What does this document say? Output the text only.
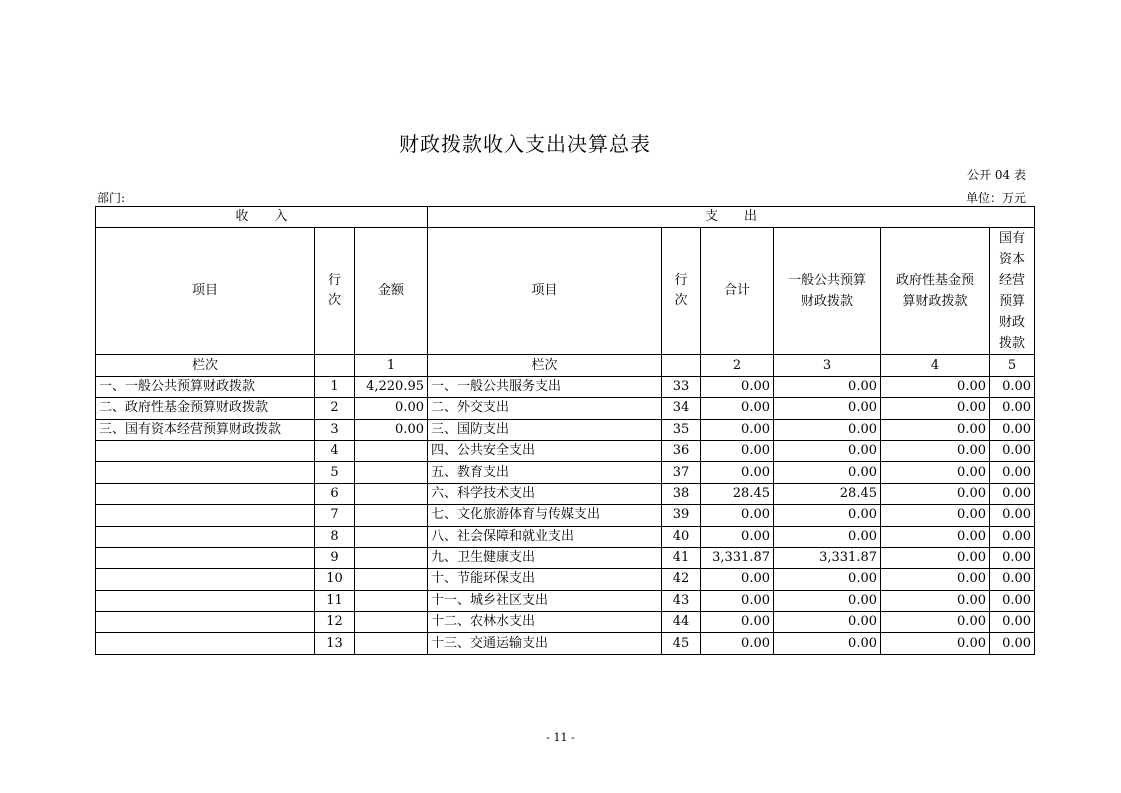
财政拨款收入支出决算总表
公开 04 表
部门:	单位：万元
收　　入			支　　出					
项目	行次	金额	项目	行次	合计	一般公共预算财政拨款	政府性基金预算财政拨款	国有资本经营预算财政拨款
栏次		1	栏次		2	3	4	5
一、一般公共预算财政拨款	1	4,220.95	一、一般公共服务支出	33	0.00	0.00	0.00	0.00
二、政府性基金预算财政拨款	2	0.00	二、外交支出	34	0.00	0.00	0.00	0.00
三、国有资本经营预算财政拨款	3	0.00	三、国防支出	35	0.00	0.00	0.00	0.00
	4		四、公共安全支出	36	0.00	0.00	0.00	0.00
	5		五、教育支出	37	0.00	0.00	0.00	0.00
	6		六、科学技术支出	38	28.45	28.45	0.00	0.00
	7		七、文化旅游体育与传媒支出	39	0.00	0.00	0.00	0.00
	8		八、社会保障和就业支出	40	0.00	0.00	0.00	0.00
	9		九、卫生健康支出	41	3,331.87	3,331.87	0.00	0.00
	10		十、节能环保支出	42	0.00	0.00	0.00	0.00
	11		十一、城乡社区支出	43	0.00	0.00	0.00	0.00
	12		十二、农林水支出	44	0.00	0.00	0.00	0.00
	13		十三、交通运输支出	45	0.00	0.00	0.00	0.00
- 11 -
